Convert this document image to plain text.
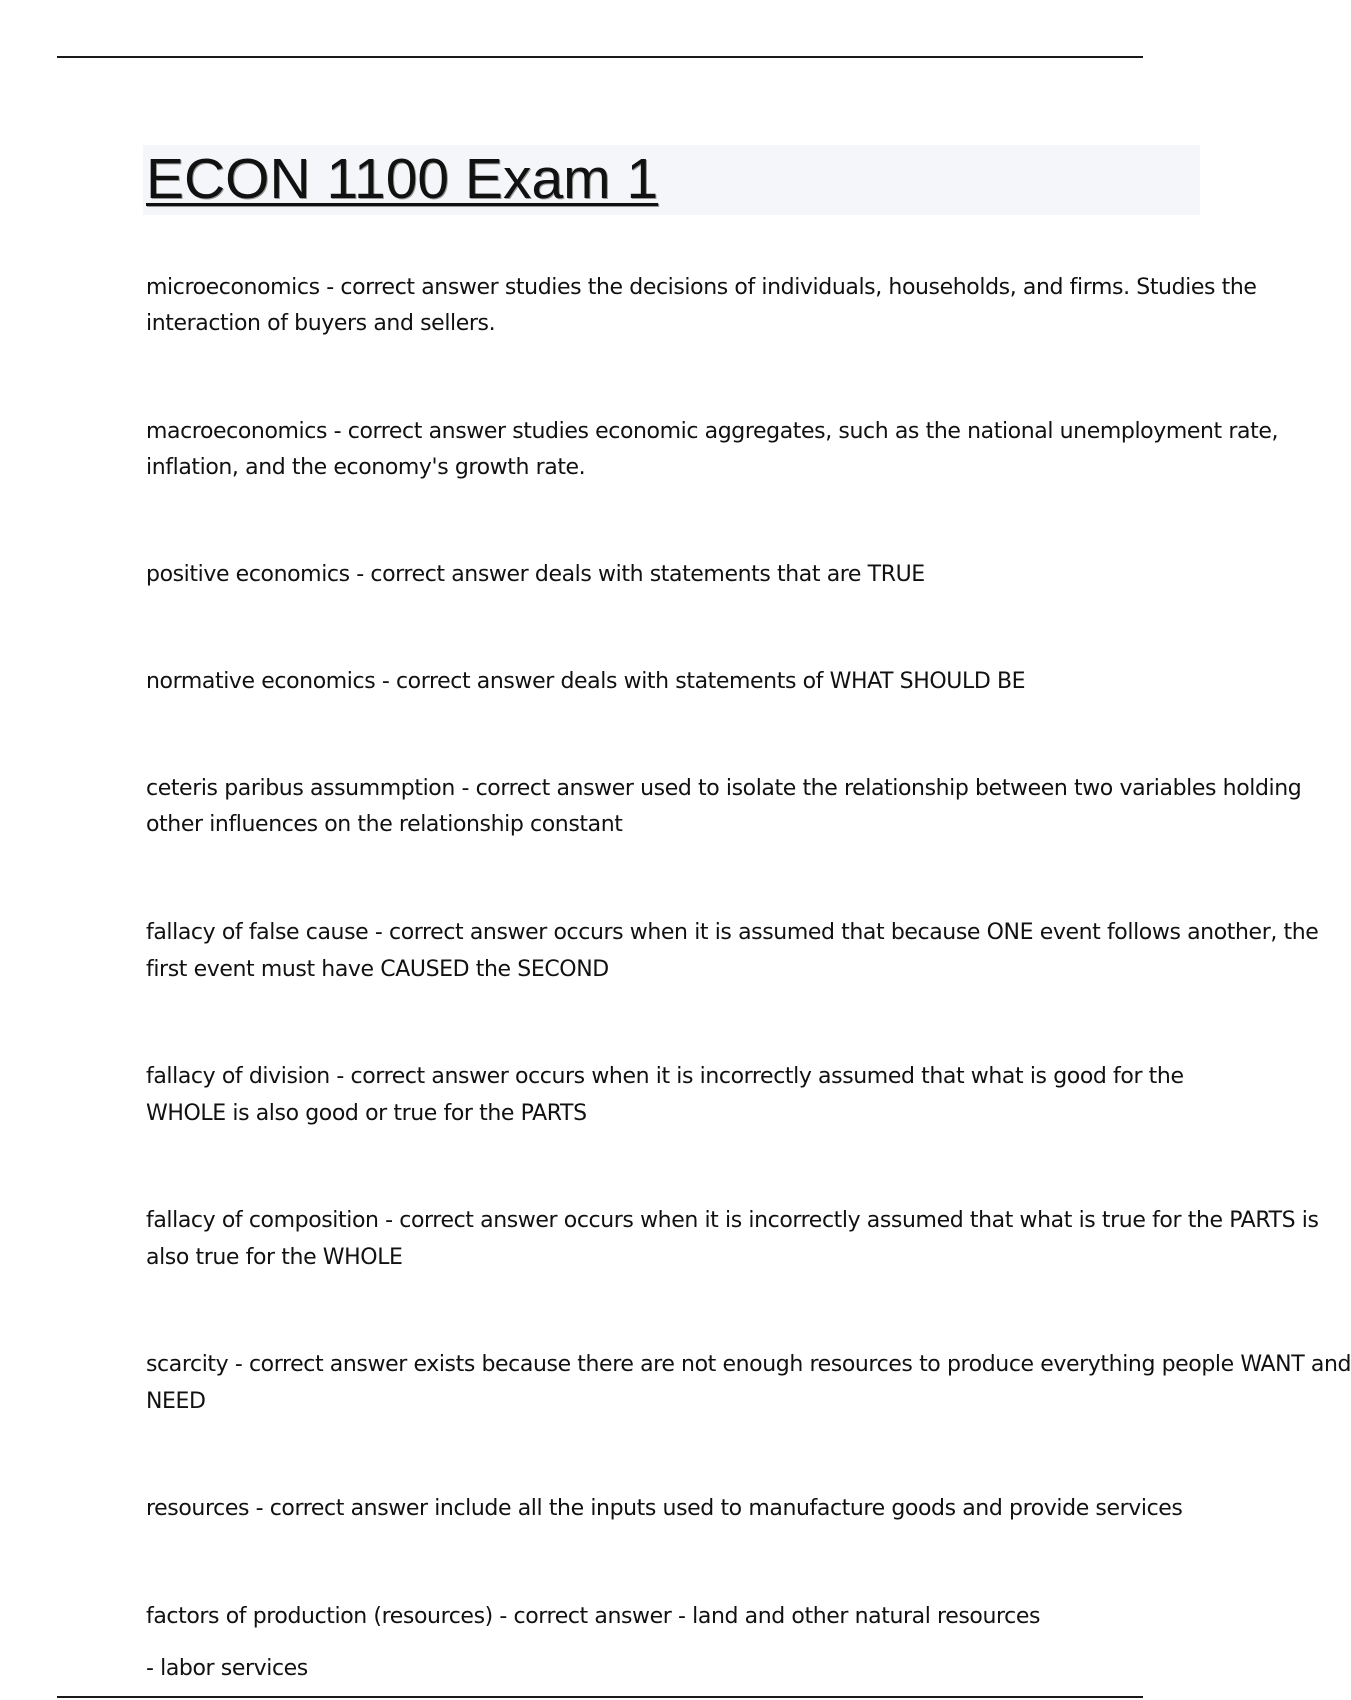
ECON 1100 Exam 1

microeconomics - correct answer studies the decisions of individuals, households, and firms. Studies the

interaction of buyers and sellers.

macroeconomics - correct answer studies economic aggregates, such as the national unemployment rate,

inflation, and the economy's growth rate.

positive economics - correct answer deals with statements that are TRUE

normative economics - correct answer deals with statements of WHAT SHOULD BE

ceteris paribus assummption - correct answer used to isolate the relationship between two variables holding

other influences on the relationship constant

fallacy of false cause - correct answer occurs when it is assumed that because ONE event follows another, the

first event must have CAUSED the SECOND

fallacy of division - correct answer occurs when it is incorrectly assumed that what is good for the

WHOLE is also good or true for the PARTS

fallacy of composition - correct answer occurs when it is incorrectly assumed that what is true for the PARTS is

also true for the WHOLE

scarcity - correct answer exists because there are not enough resources to produce everything people WANT and

NEED

resources - correct answer include all the inputs used to manufacture goods and provide services

factors of production (resources) - correct answer - land and other natural resources

- labor services
